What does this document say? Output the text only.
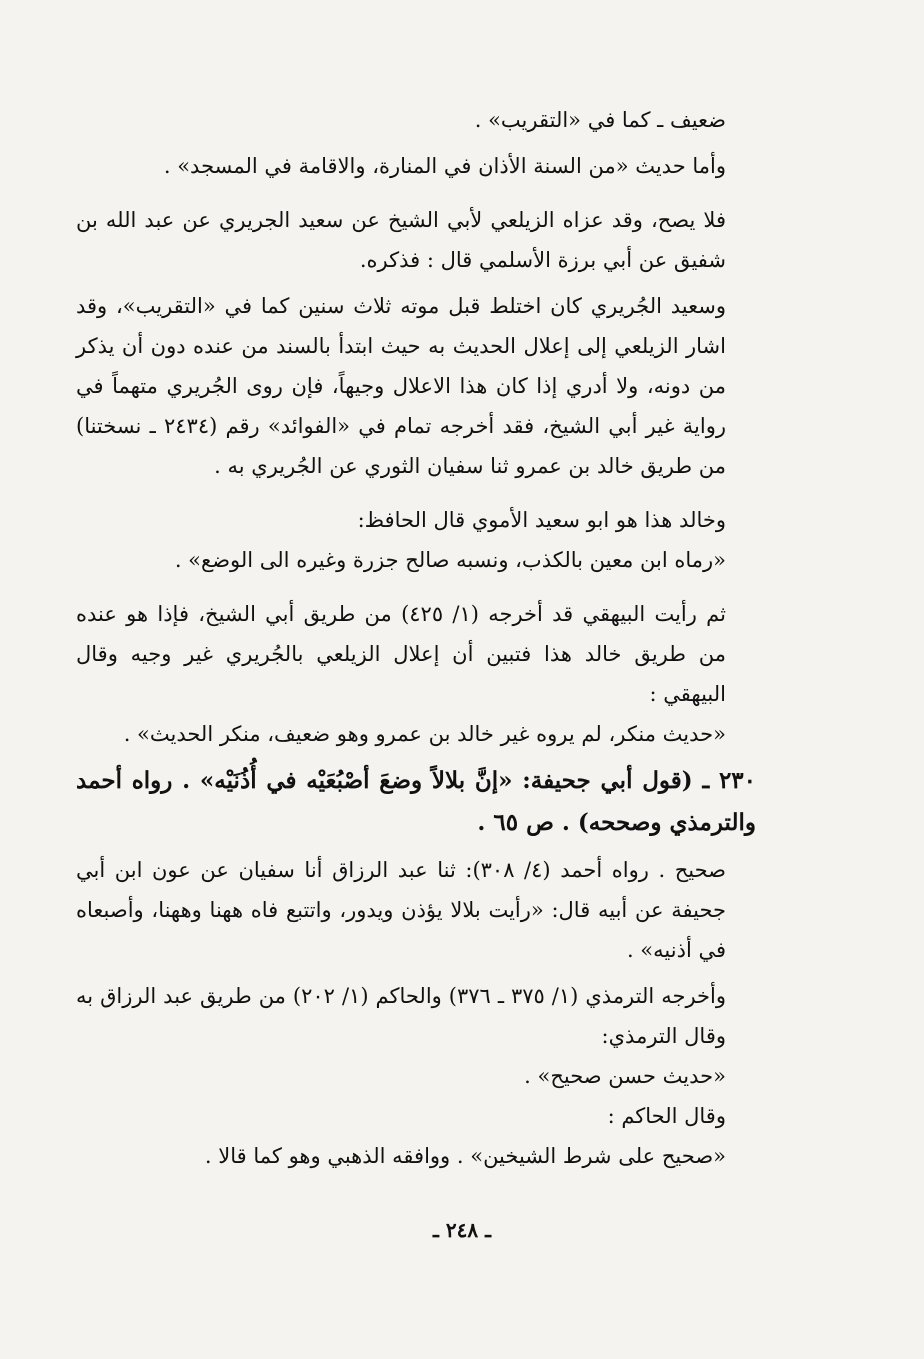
ضعيف ـ كما في «التقريب» .

وأما حديث «من السنة الأذان في المنارة، والاقامة في المسجد» .

فلا يصح، وقد عزاه الزيلعي لأبي الشيخ عن سعيد الجريري عن عبد الله بن شفيق عن أبي برزة الأسلمي قال : فذكره.

وسعيد الجُريري كان اختلط قبل موته ثلاث سنين كما في «التقريب»، وقد اشار الزيلعي إلى إعلال الحديث به حيث ابتدأ بالسند من عنده دون أن يذكر من دونه، ولا أدري إذا كان هذا الاعلال وجيهاً، فإن روى الجُريري متهماً في رواية غير أبي الشيخ، فقد أخرجه تمام في «الفوائد» رقم (٢٤٣٤ ـ نسختنا) من طريق خالد بن عمرو ثنا سفيان الثوري عن الجُريري به .

وخالد هذا هو ابو سعيد الأموي قال الحافظ:

«رماه ابن معين بالكذب، ونسبه صالح جزرة وغيره الى الوضع» .

ثم رأيت البيهقي قد أخرجه (١/ ٤٢٥) من طريق أبي الشيخ، فإذا هو عنده من طريق خالد هذا فتبين أن إعلال الزيلعي بالجُريري غير وجيه وقال البيهقي :

«حديث منكر، لم يروه غير خالد بن عمرو وهو ضعيف، منكر الحديث» .

٢٣٠ ـ (قول أبي جحيفة: «إنَّ بلالاً وضعَ أصْبُعَيْه في أُذُنَيْه» . رواه أحمد والترمذي وصححه) . ص ٦٥ .

صحيح . رواه أحمد (٤/ ٣٠٨): ثنا عبد الرزاق أنا سفيان عن عون ابن أبي جحيفة عن أبيه قال: «رأيت بلالا يؤذن ويدور، واتتبع فاه ههنا وههنا، وأصبعاه في أذنيه» .

وأخرجه الترمذي (١/ ٣٧٥ ـ ٣٧٦) والحاكم (١/ ٢٠٢) من طريق عبد الرزاق به وقال الترمذي:

«حديث حسن صحيح» .

وقال الحاكم :

«صحيح على شرط الشيخين» . ووافقه الذهبي وهو كما قالا .

ـ ٢٤٨ ـ
